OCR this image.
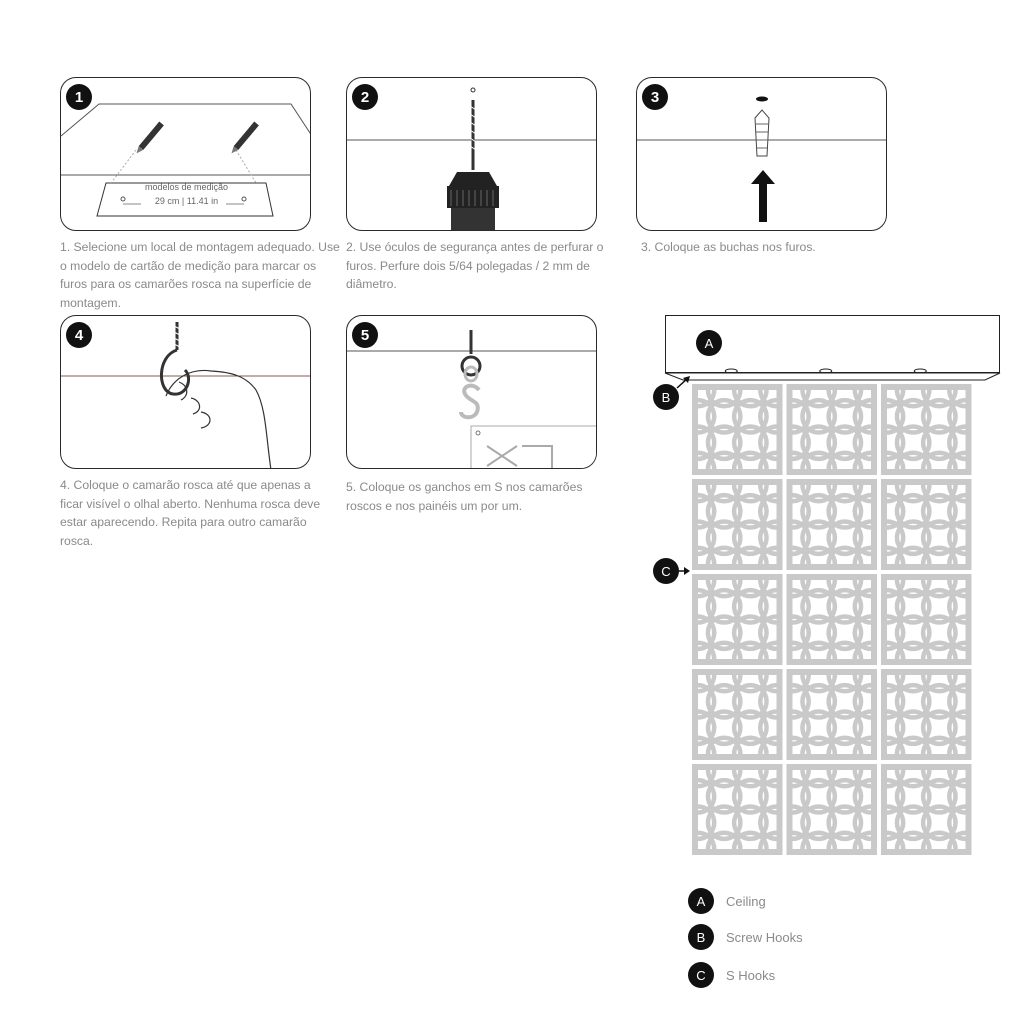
modelos de medição
29 cm | 11.41 in
1	2	3
4	5
1. Selecione um local de montagem adequado. Use o modelo de cartão de medição para marcar os furos para os camarões rosca na superfície de montagem.
2. Use óculos de segurança antes de perfurar o furos. Perfure dois 5/64 polegadas / 2 mm de diâmetro.
3. Coloque as buchas nos furos.
4. Coloque o camarão rosca até que apenas a ficar visível o olhal aberto. Nenhuma rosca deve estar aparecendo. Repita para outro camarão rosca.
5. Coloque os ganchos em S nos camarões roscos e nos painéis um por um.
A
B
C
A	Ceiling
B	Screw Hooks
C	S Hooks
